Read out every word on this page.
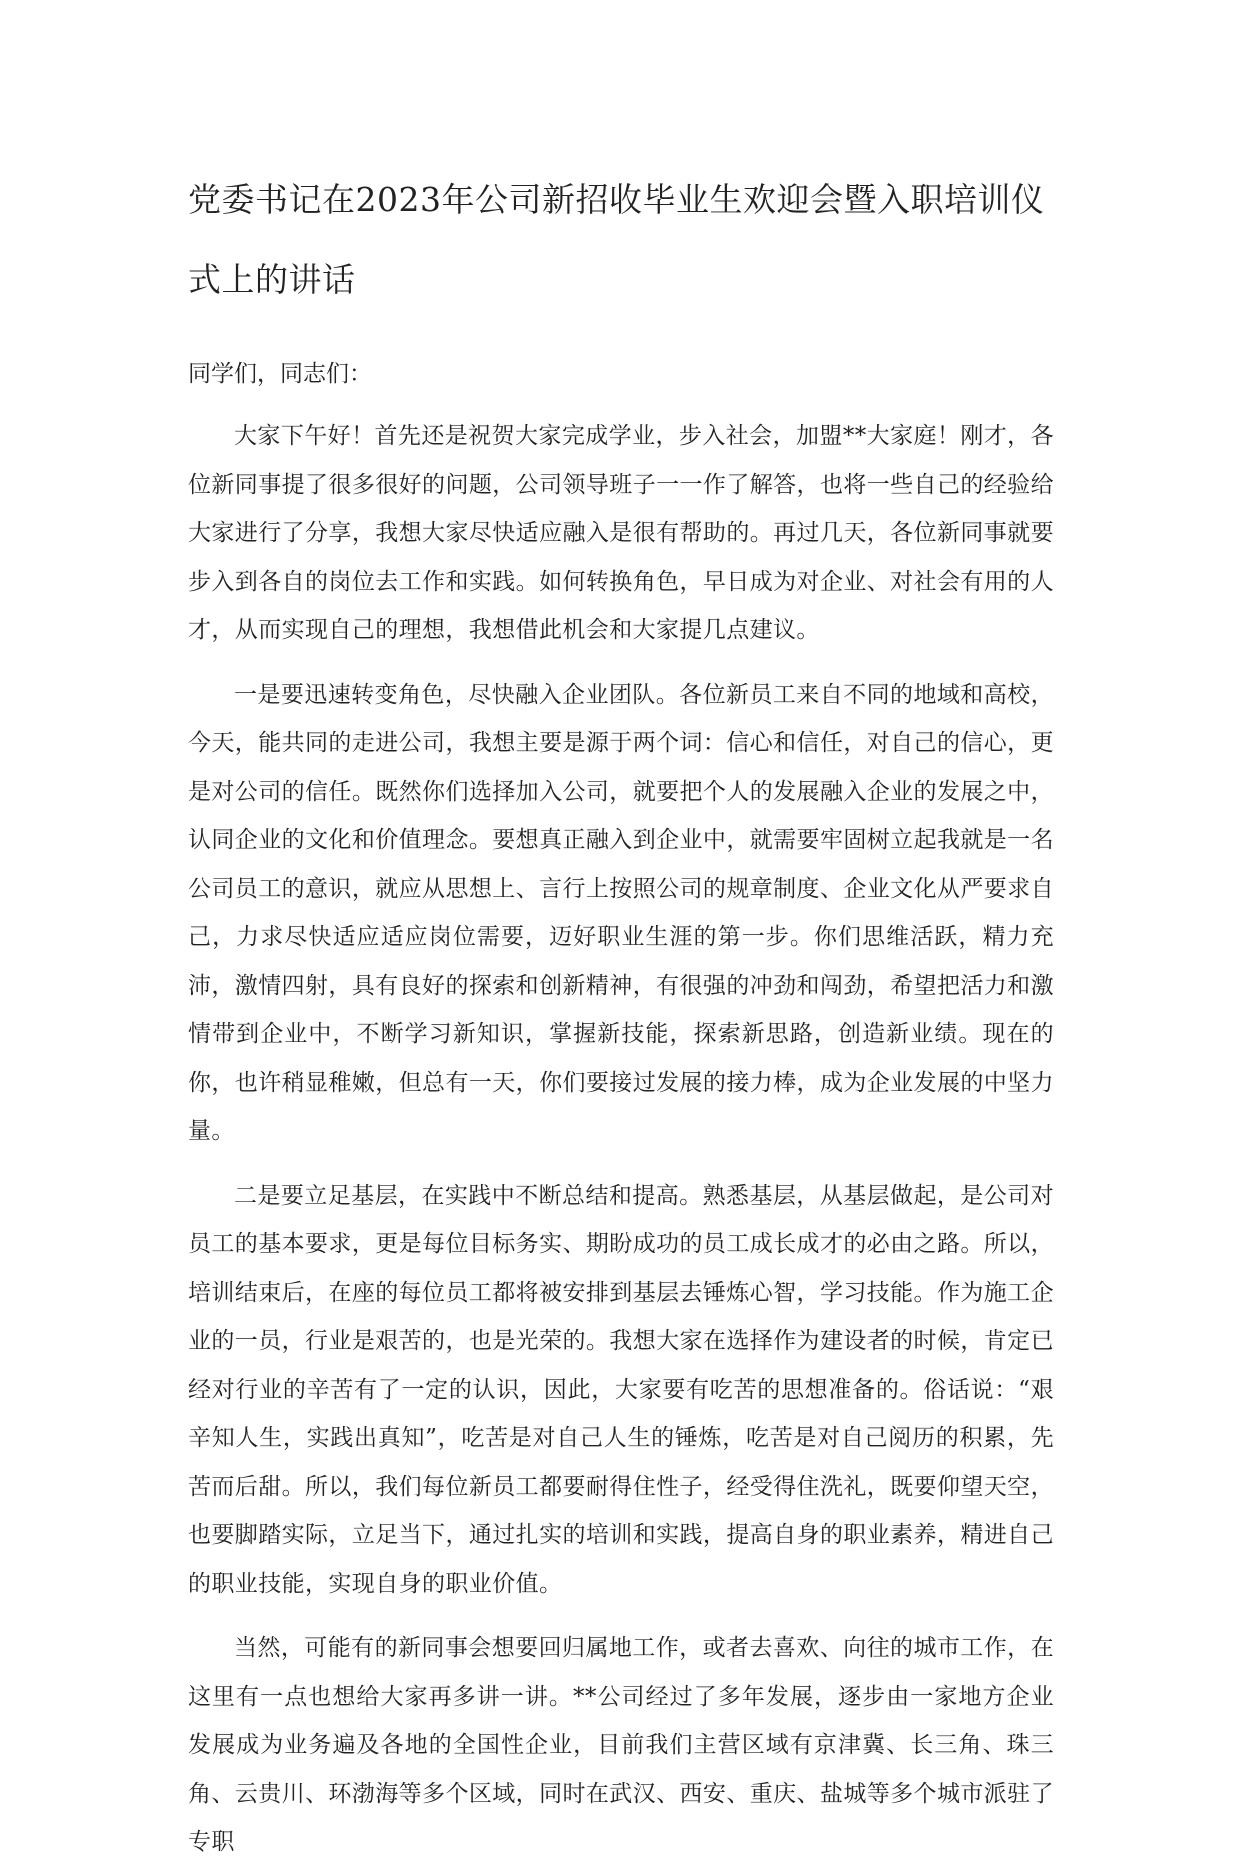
党委书记在2023年公司新招收毕业生欢迎会暨入职培训仪式上的讲话

同学们，同志们：

大家下午好！首先还是祝贺大家完成学业，步入社会，加盟**大家庭！刚才，各位新同事提了很多很好的问题，公司领导班子一一作了解答，也将一些自己的经验给大家进行了分享，我想大家尽快适应融入是很有帮助的。再过几天，各位新同事就要步入到各自的岗位去工作和实践。如何转换角色，早日成为对企业、对社会有用的人才，从而实现自己的理想，我想借此机会和大家提几点建议。

一是要迅速转变角色，尽快融入企业团队。各位新员工来自不同的地域和高校，今天，能共同的走进公司，我想主要是源于两个词：信心和信任，对自己的信心，更是对公司的信任。既然你们选择加入公司，就要把个人的发展融入企业的发展之中，认同企业的文化和价值理念。要想真正融入到企业中，就需要牢固树立起我就是一名公司员工的意识，就应从思想上、言行上按照公司的规章制度、企业文化从严要求自己，力求尽快适应适应岗位需要，迈好职业生涯的第一步。你们思维活跃，精力充沛，激情四射，具有良好的探索和创新精神，有很强的冲劲和闯劲，希望把活力和激情带到企业中，不断学习新知识，掌握新技能，探索新思路，创造新业绩。现在的你，也许稍显稚嫩，但总有一天，你们要接过发展的接力棒，成为企业发展的中坚力量。

二是要立足基层，在实践中不断总结和提高。熟悉基层，从基层做起，是公司对员工的基本要求，更是每位目标务实、期盼成功的员工成长成才的必由之路。所以，培训结束后，在座的每位员工都将被安排到基层去锤炼心智，学习技能。作为施工企业的一员，行业是艰苦的，也是光荣的。我想大家在选择作为建设者的时候，肯定已经对行业的辛苦有了一定的认识，因此，大家要有吃苦的思想准备的。俗话说：“艰辛知人生，实践出真知”，吃苦是对自己人生的锤炼，吃苦是对自己阅历的积累，先苦而后甜。所以，我们每位新员工都要耐得住性子，经受得住洗礼，既要仰望天空，也要脚踏实际，立足当下，通过扎实的培训和实践，提高自身的职业素养，精进自己的职业技能，实现自身的职业价值。

当然，可能有的新同事会想要回归属地工作，或者去喜欢、向往的城市工作，在这里有一点也想给大家再多讲一讲。**公司经过了多年发展，逐步由一家地方企业发展成为业务遍及各地的全国性企业，目前我们主营区域有京津冀、长三角、珠三角、云贵川、环渤海等多个区域，同时在武汉、西安、重庆、盐城等多个城市派驻了专职
